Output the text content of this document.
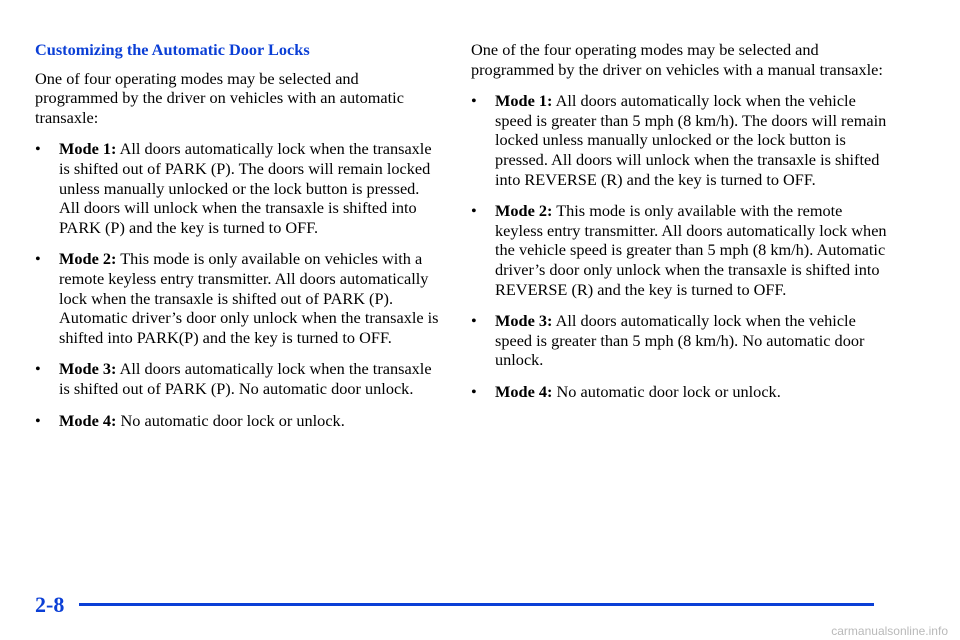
Customizing the Automatic Door Locks
One of four operating modes may be selected and programmed by the driver on vehicles with an automatic transaxle:
• Mode 1: All doors automatically lock when the transaxle is shifted out of PARK (P). The doors will remain locked unless manually unlocked or the lock button is pressed. All doors will unlock when the transaxle is shifted into PARK (P) and the key is turned to OFF.
• Mode 2: This mode is only available on vehicles with a remote keyless entry transmitter. All doors automatically lock when the transaxle is shifted out of PARK (P). Automatic driver’s door only unlock when the transaxle is shifted into PARK(P) and the key is turned to OFF.
• Mode 3: All doors automatically lock when the transaxle is shifted out of PARK (P). No automatic door unlock.
• Mode 4: No automatic door lock or unlock.
One of the four operating modes may be selected and programmed by the driver on vehicles with a manual transaxle:
• Mode 1: All doors automatically lock when the vehicle speed is greater than 5 mph (8 km/h). The doors will remain locked unless manually unlocked or the lock button is pressed. All doors will unlock when the transaxle is shifted into REVERSE (R) and the key is turned to OFF.
• Mode 2: This mode is only available with the remote keyless entry transmitter. All doors automatically lock when the vehicle speed is greater than 5 mph (8 km/h). Automatic driver’s door only unlock when the transaxle is shifted into REVERSE (R) and the key is turned to OFF.
• Mode 3: All doors automatically lock when the vehicle speed is greater than 5 mph (8 km/h). No automatic door unlock.
• Mode 4: No automatic door lock or unlock.
2-8
carmanualsonline.info
